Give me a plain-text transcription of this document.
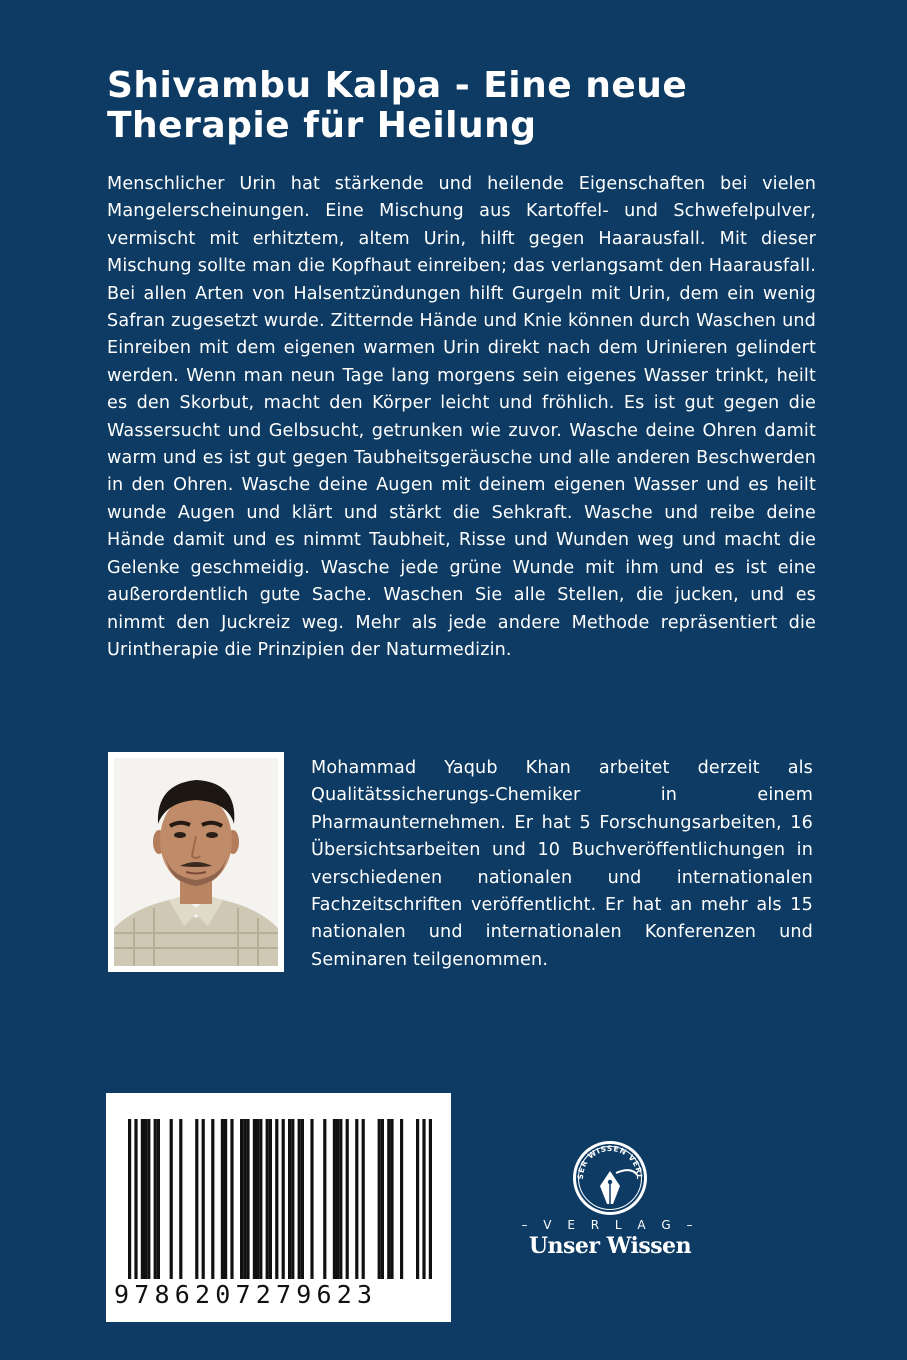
Shivambu Kalpa - Eine neue
Therapie für Heilung

Menschlicher Urin hat stärkende und heilende Eigenschaften bei vielen Mangelerscheinungen. Eine Mischung aus Kartoffel- und Schwefelpulver, vermischt mit erhitztem, altem Urin, hilft gegen Haarausfall. Mit dieser Mischung sollte man die Kopfhaut einreiben; das verlangsamt den Haarausfall. Bei allen Arten von Halsentzündungen hilft Gurgeln mit Urin, dem ein wenig Safran zugesetzt wurde. Zitternde Hände und Knie können durch Waschen und Einreiben mit dem eigenen warmen Urin direkt nach dem Urinieren gelindert werden. Wenn man neun Tage lang morgens sein eigenes Wasser trinkt, heilt es den Skorbut, macht den Körper leicht und fröhlich. Es ist gut gegen die Wassersucht und Gelbsucht, getrunken wie zuvor. Wasche deine Ohren damit warm und es ist gut gegen Taubheitsgeräusche und alle anderen Beschwerden in den Ohren. Wasche deine Augen mit deinem eigenen Wasser und es heilt wunde Augen und klärt und stärkt die Sehkraft. Wasche und reibe deine Hände damit und es nimmt Taubheit, Risse und Wunden weg und macht die Gelenke geschmeidig. Wasche jede grüne Wunde mit ihm und es ist eine außerordentlich gute Sache. Waschen Sie alle Stellen, die jucken, und es nimmt den Juckreiz weg. Mehr als jede andere Methode repräsentiert die Urintherapie die Prinzipien der Naturmedizin.

Mohammad Yaqub Khan arbeitet derzeit als Qualitätssicherungs-Chemiker in einem Pharmaunternehmen. Er hat 5 Forschungsarbeiten, 16 Übersichtsarbeiten und 10 Buchveröffentlichungen in verschiedenen nationalen und internationalen Fachzeitschriften veröffentlicht. Er hat an mehr als 15 nationalen und internationalen Konferenzen und Seminaren teilgenommen.

9786207279623
SER WISSEN VERL
– V E R L A G –
Unser Wissen
